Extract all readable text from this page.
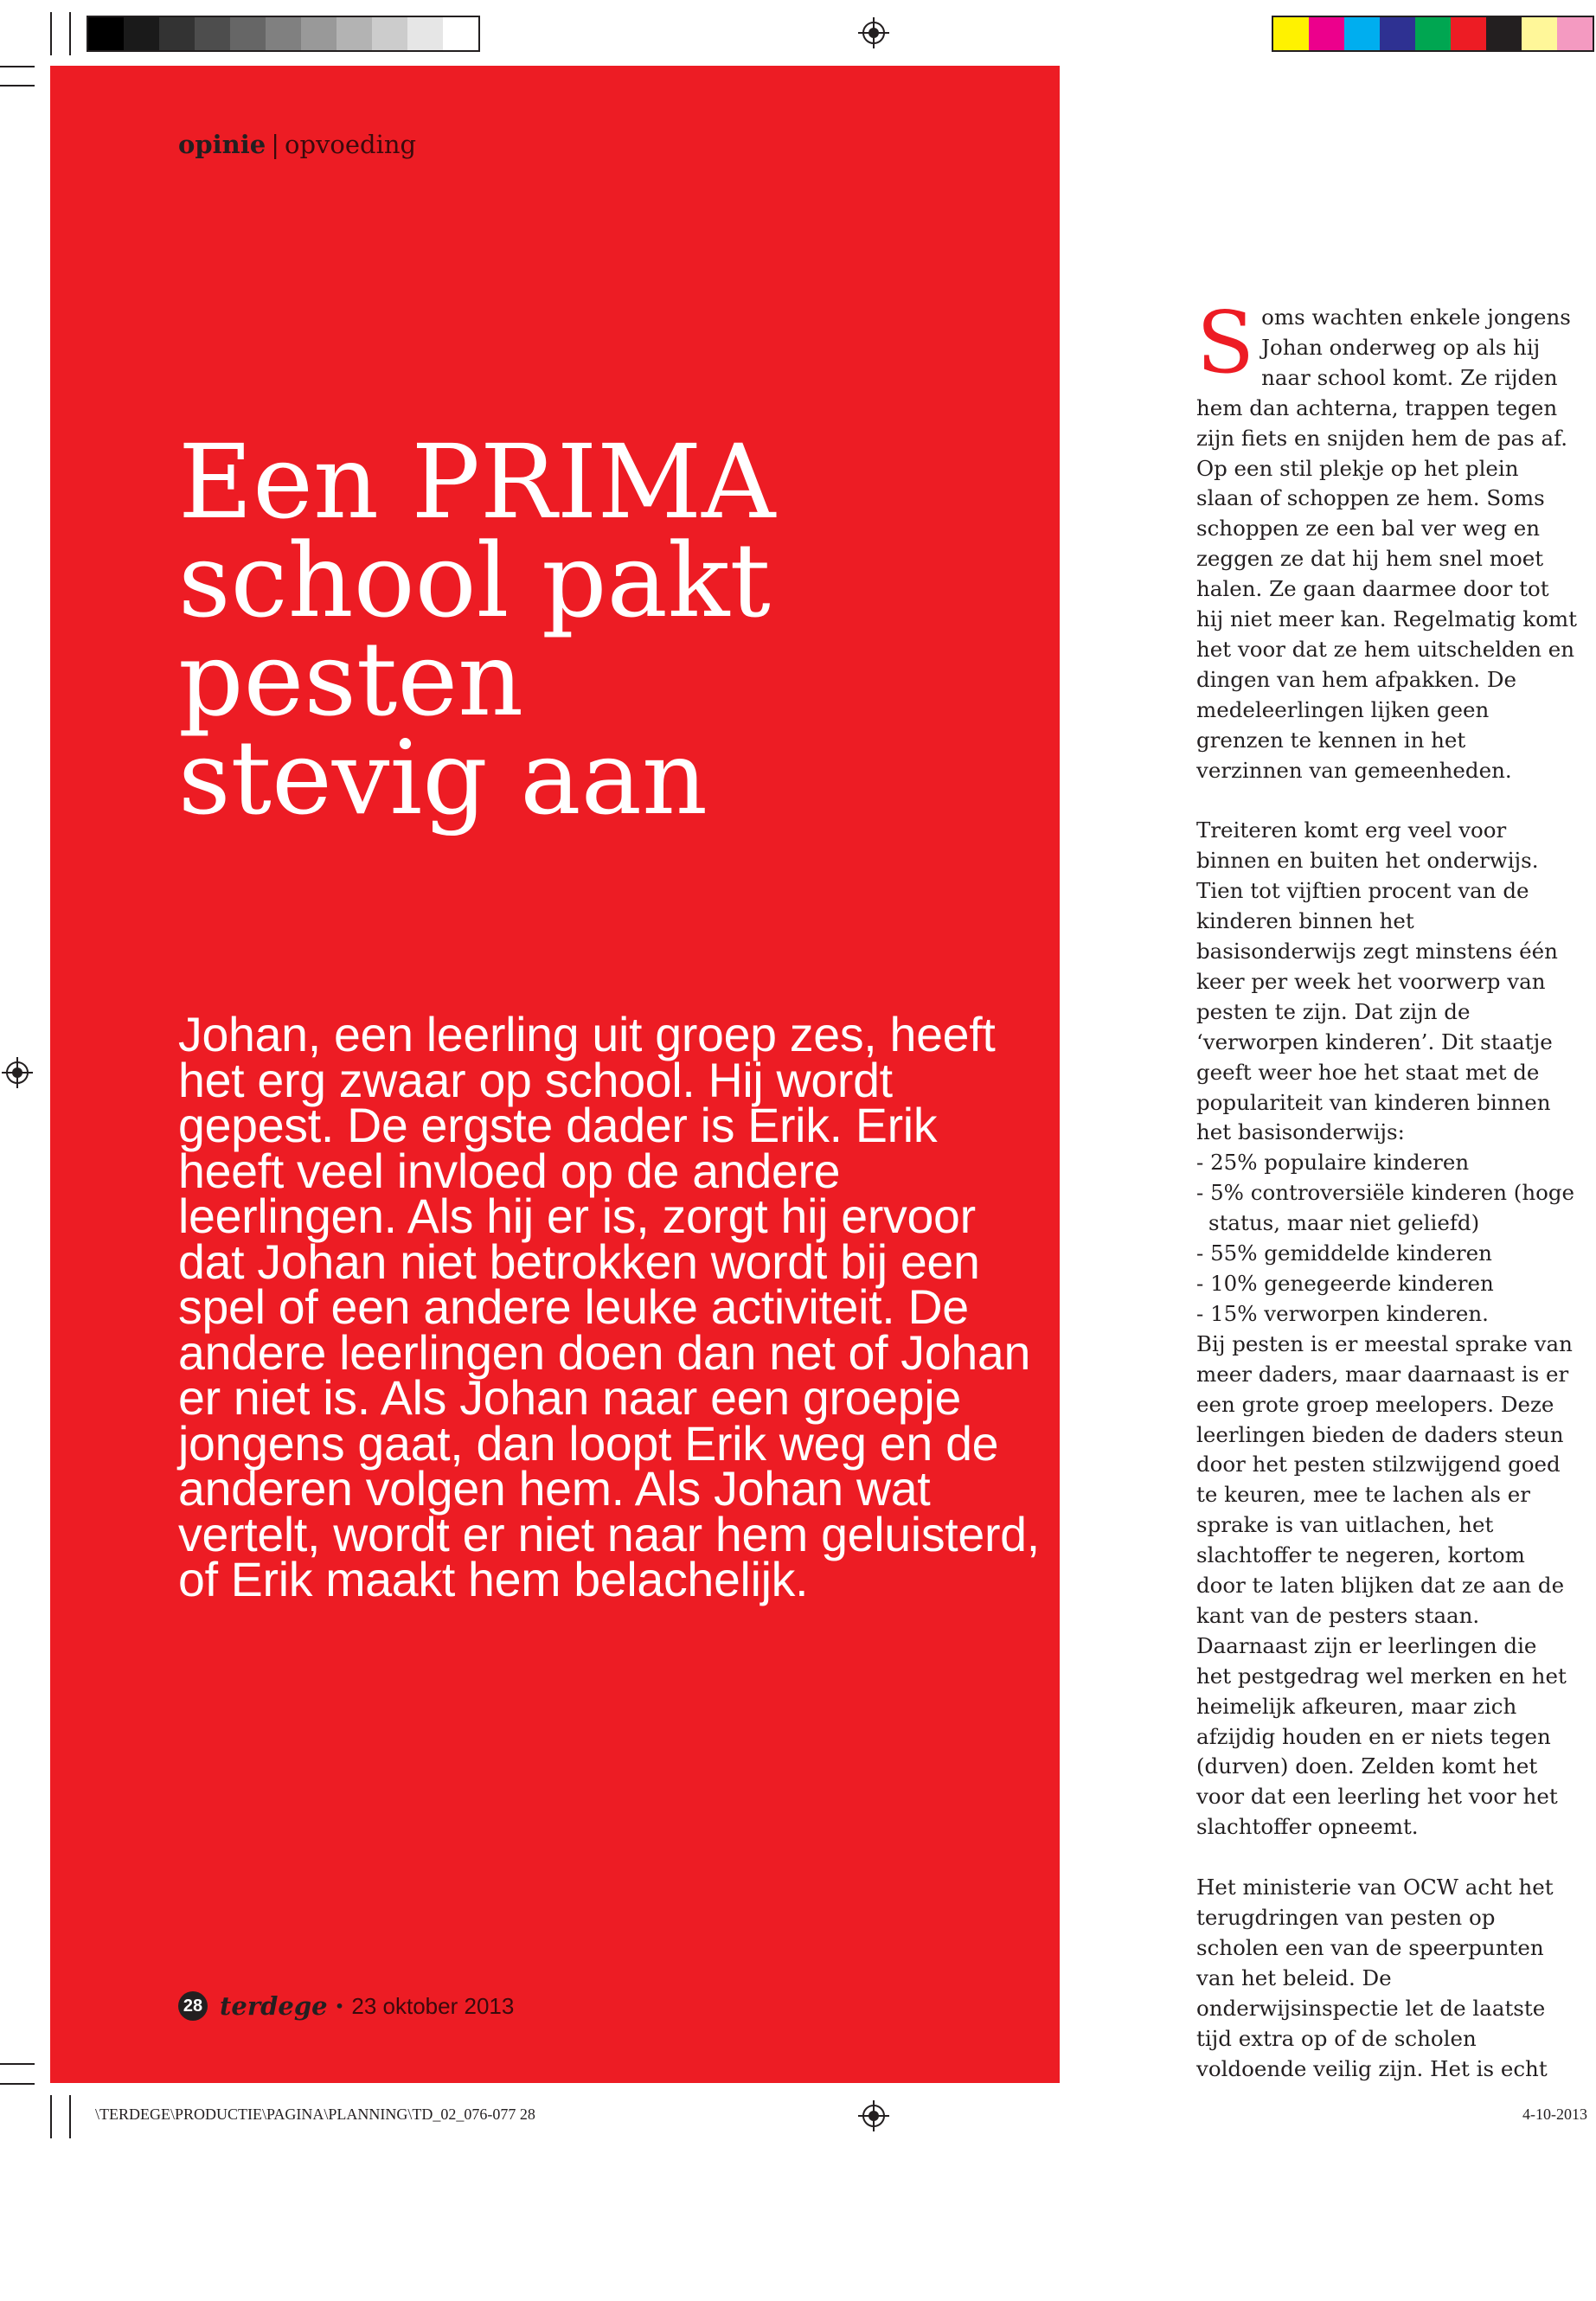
opinie | opvoeding
Een PRIMA
school pakt
pesten
stevig aan

Johan, een leerling uit groep zes, heeft het erg zwaar op school. Hij wordt gepest. De ergste dader is Erik. Erik heeft veel invloed op de andere leerlingen. Als hij er is, zorgt hij ervoor dat Johan niet betrokken wordt bij een spel of een andere leuke activiteit. De andere leerlingen doen dan net of Johan er niet is. Als Johan naar een groepje jongens gaat, dan loopt Erik weg en de anderen volgen hem. Als Johan wat vertelt, wordt er niet naar hem geluisterd, of Erik maakt hem belachelijk.

28 terdege • 23 oktober 2013

Soms wachten enkele jongens Johan onderweg op als hij naar school komt. Ze rijden hem dan achterna, trappen tegen zijn fiets en snijden hem de pas af. Op een stil plekje op het plein slaan of schoppen ze hem. Soms schoppen ze een bal ver weg en zeggen ze dat hij hem snel moet halen. Ze gaan daarmee door tot hij niet meer kan. Regelmatig komt het voor dat ze hem uitschelden en dingen van hem afpakken. De medeleerlingen lijken geen grenzen te kennen in het verzinnen van gemeenheden.

Treiteren komt erg veel voor binnen en buiten het onderwijs. Tien tot vijftien procent van de kinderen binnen het basisonderwijs zegt minstens één keer per week het voorwerp van pesten te zijn. Dat zijn de ‘verworpen kinderen’. Dit staatje geeft weer hoe het staat met de populariteit van kinderen binnen het basisonderwijs:

- 25% populaire kinderen
- 5% controversiële kinderen (hoge status, maar niet geliefd)
- 55% gemiddelde kinderen
- 10% genegeerde kinderen
- 15% verworpen kinderen.

Bij pesten is er meestal sprake van meer daders, maar daarnaast is er een grote groep meelopers. Deze leerlingen bieden de daders steun door het pesten stilzwijgend goed te keuren, mee te lachen als er sprake is van uitlachen, het slachtoffer te negeren, kortom door te laten blijken dat ze aan de kant van de pesters staan. Daarnaast zijn er leerlingen die het pestgedrag wel merken en het heimelijk afkeuren, maar zich afzijdig houden en er niets tegen (durven) doen. Zelden komt het voor dat een leerling het voor het slachtoffer opneemt.

Het ministerie van OCW acht het terugdringen van pesten op scholen een van de speerpunten van het beleid. De onderwijsinspectie let de laatste tijd extra op of de scholen voldoende veilig zijn. Het is echt

\TERDEGE\PRODUCTIE\PAGINA\PLANNING\TD_02_076-077 28	4-10-2013
